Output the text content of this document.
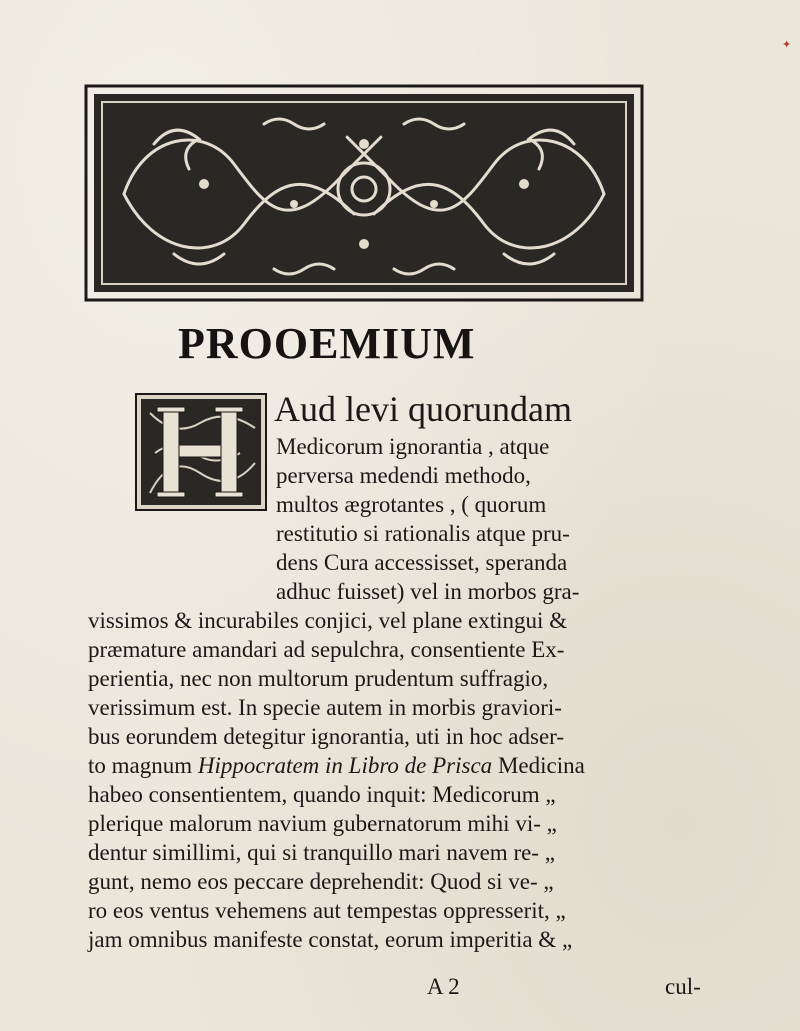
✦
PROOEMIUM
Aud levi quorundam
Medicorum ignorantia , atque
perversa medendi methodo,
multos ægrotantes , ( quorum
restitutio si rationalis atque pru-
dens Cura accessisset, speranda
adhuc fuisset) vel in morbos gra-
vissimos & incurabiles conjici, vel plane extingui &
præmature amandari ad sepulchra, consentiente Ex-
perientia, nec non multorum prudentum suffragio,
verissimum est. In specie autem in morbis graviori-
bus eorundem detegitur ignorantia, uti in hoc adser-
to magnum Hippocratem in Libro de Prisca Medicina
habeo consentientem, quando inquit: Medicorum „
plerique malorum navium gubernatorum mihi vi- „
dentur simillimi, qui si tranquillo mari navem re- „
gunt, nemo eos peccare deprehendit: Quod si ve- „
ro eos ventus vehemens aut tempestas oppresserit, „
jam omnibus manifeste constat, eorum imperitia & „
A 2	cul-
